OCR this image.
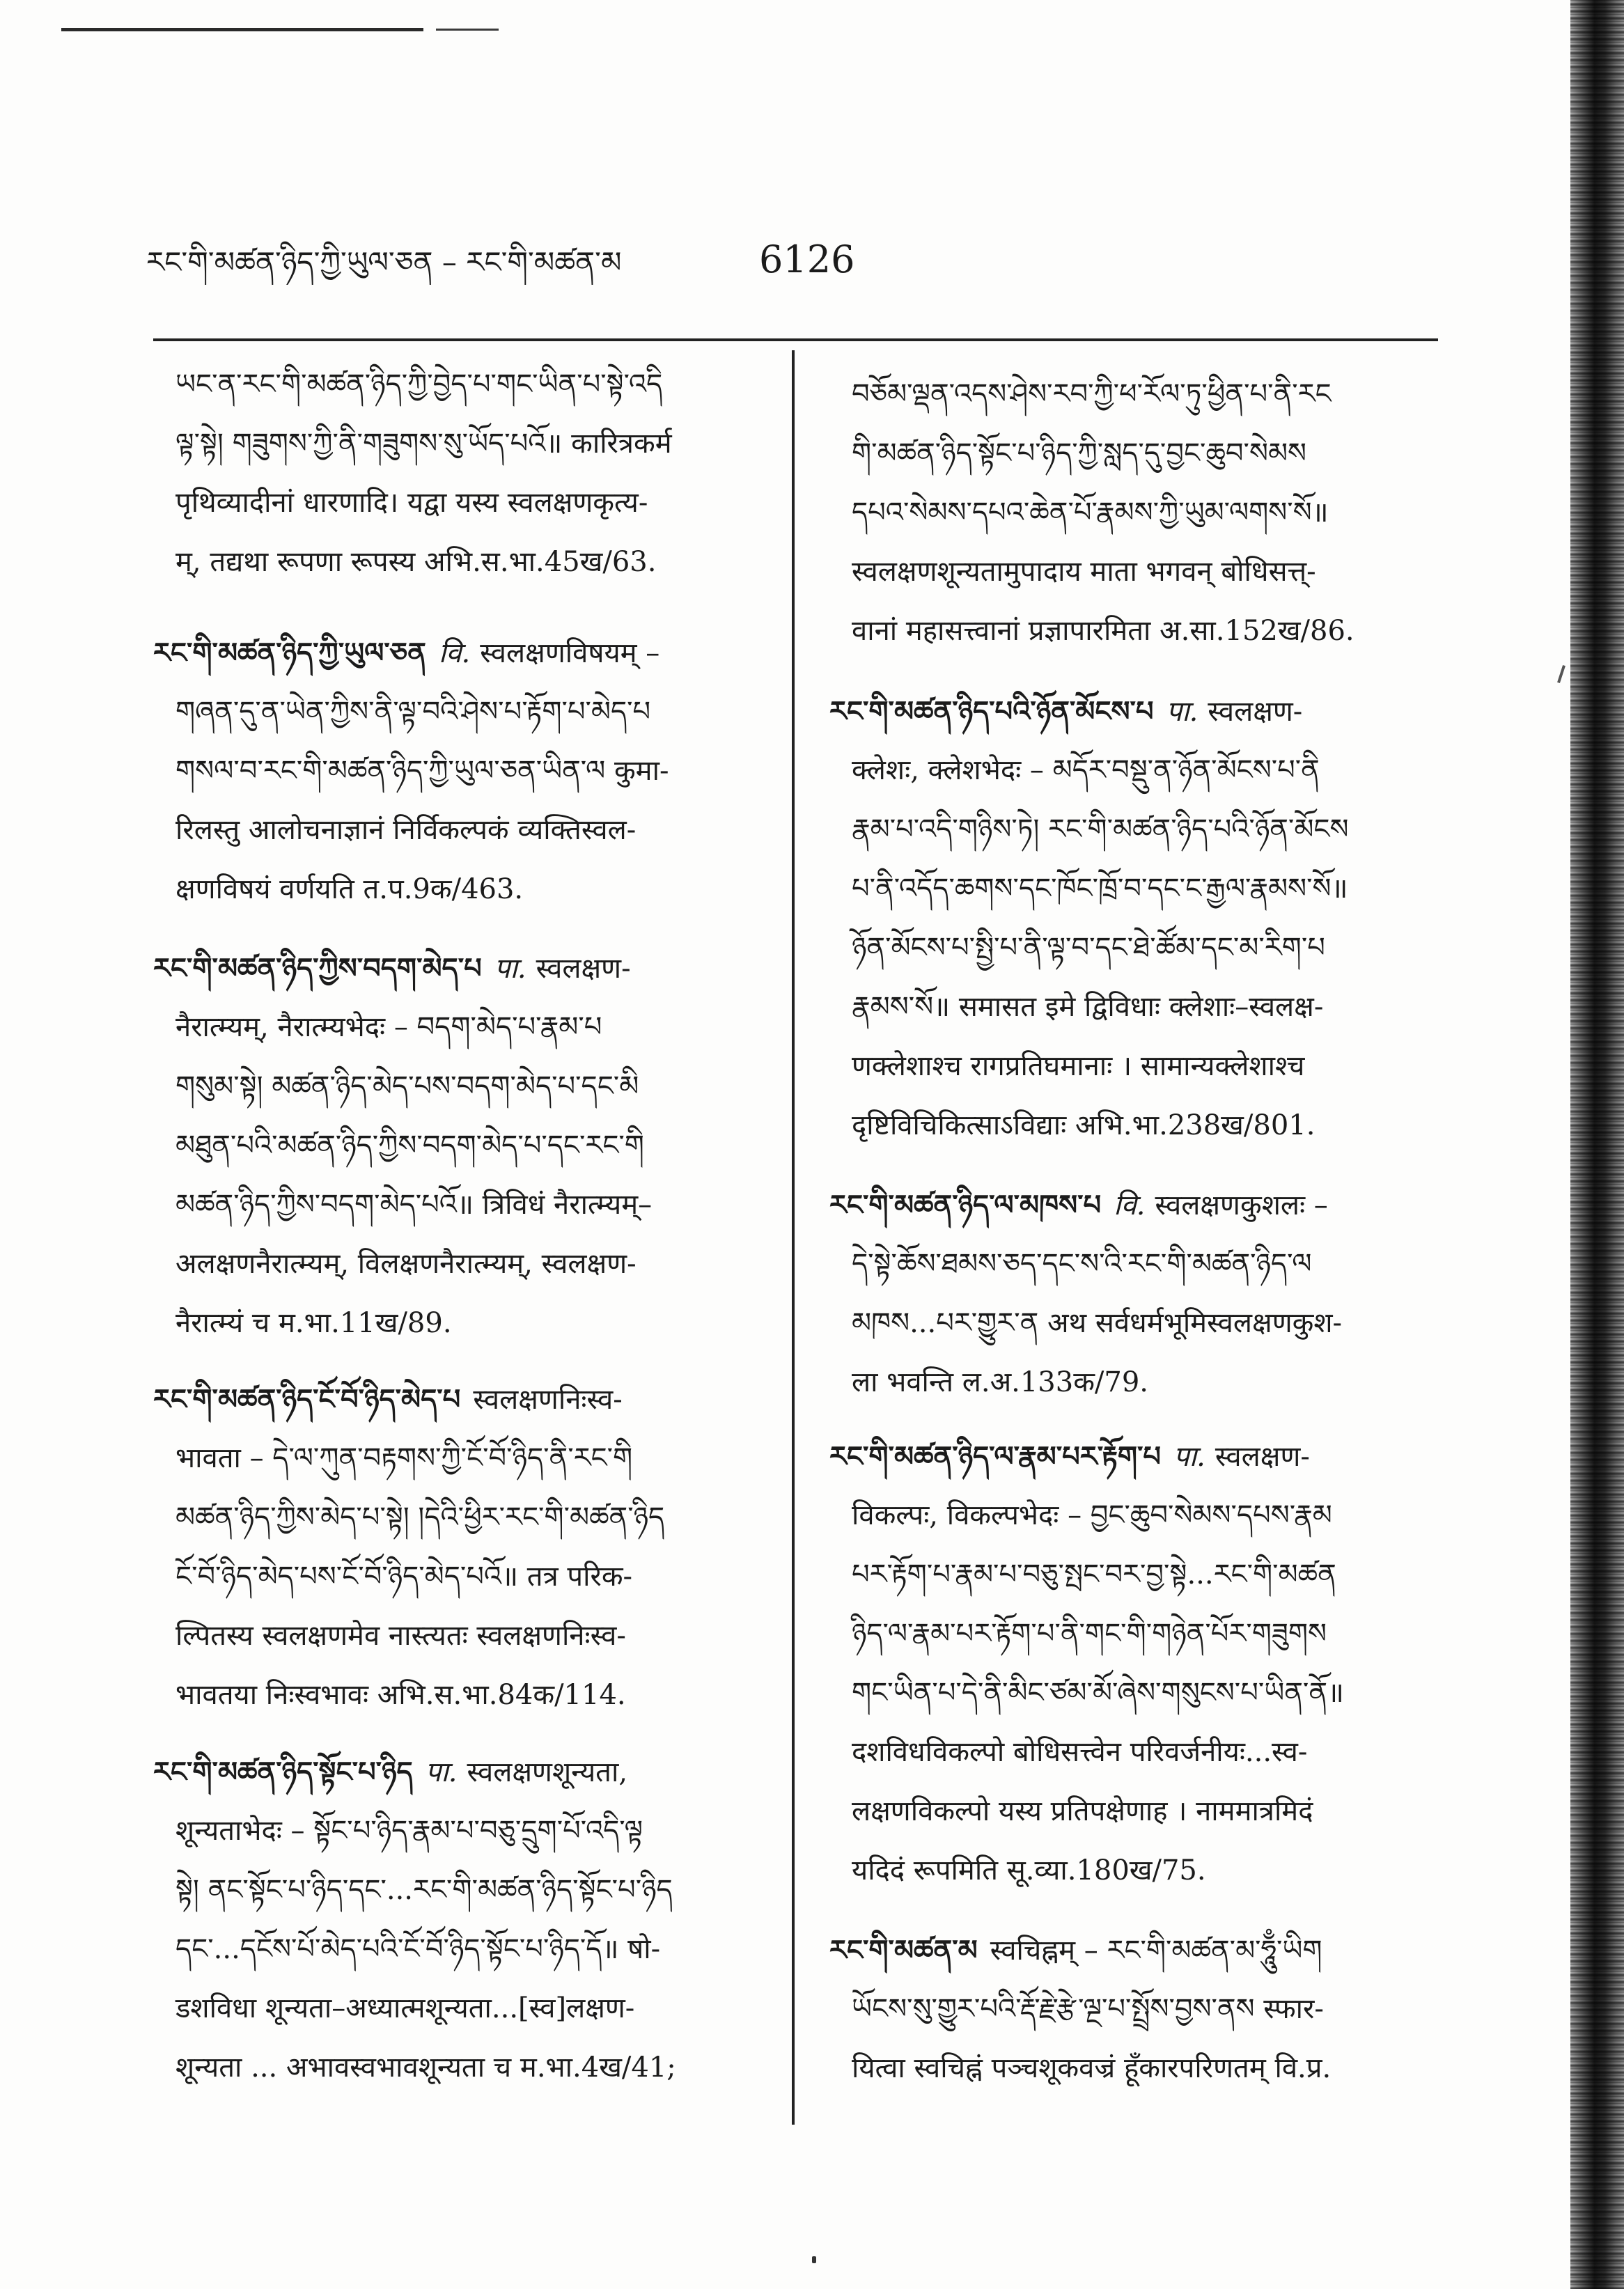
རང་གི་མཚན་ཉིད་ཀྱི་ཡུལ་ཅན – རང་གི་མཚན་མ	6126
ཡང་ན་རང་གི་མཚན་ཉིད་ཀྱི་བྱེད་པ་གང་ཡིན་པ་སྟེ་འདི
ལྟ་སྟེ། གཟུགས་ཀྱི་ནི་གཟུགས་སུ་ཡོད་པའོ॥ कारित्रकर्म
पृथिव्यादीनां धारणादि। यद्वा यस्य स्वलक्षणकृत्य-
म्, तद्यथा रूपणा रूपस्य अभि.स.भा.45ख/63.
རང་གི་མཚན་ཉིད་ཀྱི་ཡུལ་ཅན वि. स्वलक्षणविषयम् –
གཞན་དུ་ན་ཡེན་ཀྱིས་ནི་ལྟ་བའི་ཤེས་པ་རྟོག་པ་མེད་པ
གསལ་བ་རང་གི་མཚན་ཉིད་ཀྱི་ཡུལ་ཅན་ཡིན་ལ कुमा-
रिलस्तु आलोचनाज्ञानं निर्विकल्पकं व्यक्तिस्वल-
क्षणविषयं वर्णयति त.प.9क/463.
རང་གི་མཚན་ཉིད་ཀྱིས་བདག་མེད་པ पा. स्वलक्षण-
नैरात्म्यम्, नैरात्म्यभेदः – བདག་མེད་པ་རྣམ་པ
གསུམ་སྟེ། མཚན་ཉིད་མེད་པས་བདག་མེད་པ་དང་མི
མཐུན་པའི་མཚན་ཉིད་ཀྱིས་བདག་མེད་པ་དང་རང་གི
མཚན་ཉིད་ཀྱིས་བདག་མེད་པའོ॥ त्रिविधं नैरात्म्यम्–
अलक्षणनैरात्म्यम्, विलक्षणनैरात्म्यम्, स्वलक्षण-
नैरात्म्यं च म.भा.11ख/89.
རང་གི་མཚན་ཉིད་ངོ་བོ་ཉིད་མེད་པ स्वलक्षणनिःस्व-
भावता – དེ་ལ་ཀུན་བརྟགས་ཀྱི་ངོ་བོ་ཉིད་ནི་རང་གི
མཚན་ཉིད་ཀྱིས་མེད་པ་སྟེ། །དེའི་ཕྱིར་རང་གི་མཚན་ཉིད
ངོ་བོ་ཉིད་མེད་པས་ངོ་བོ་ཉིད་མེད་པའོ॥ तत्र परिक-
ल्पितस्य स्वलक्षणमेव नास्त्यतः स्वलक्षणनिःस्व-
भावतया निःस्वभावः अभि.स.भा.84क/114.
རང་གི་མཚན་ཉིད་སྟོང་པ་ཉིད पा. स्वलक्षणशून्यता,
शून्यताभेदः – སྟོང་པ་ཉིད་རྣམ་པ་བཅུ་དྲུག་པོ་འདི་ལྟ
སྟེ། ནང་སྟོང་པ་ཉིད་དང་...རང་གི་མཚན་ཉིད་སྟོང་པ་ཉིད
དང་...དངོས་པོ་མེད་པའི་ངོ་བོ་ཉིད་སྟོང་པ་ཉིད་དོ॥ षो-
डशविधा शून्यता–अध्यात्मशून्यता...[स्व]लक्षण-
शून्यता ... अभावस्वभावशून्यता च म.भा.4ख/41;
བཅོམ་ལྡན་འདས་ཤེས་རབ་ཀྱི་ཕ་རོལ་ཏུ་ཕྱིན་པ་ནི་རང
གི་མཚན་ཉིད་སྟོང་པ་ཉིད་ཀྱི་སླད་དུ་བྱང་ཆུབ་སེམས
དཔའ་སེམས་དཔའ་ཆེན་པོ་རྣམས་ཀྱི་ཡུམ་ལགས་སོ॥
स्वलक्षणशून्यतामुपादाय माता भगवन् बोधिसत्त्-
वानां महासत्त्वानां प्रज्ञापारमिता अ.सा.152ख/86.
རང་གི་མཚན་ཉིད་པའི་ཉོན་མོངས་པ पा. स्वलक्षण-
क्लेशः, क्लेशभेदः – མདོར་བསྡུ་ན་ཉོན་མོངས་པ་ནི
རྣམ་པ་འདི་གཉིས་ཏེ། རང་གི་མཚན་ཉིད་པའི་ཉོན་མོངས
པ་ནི་འདོད་ཆགས་དང་ཁོང་ཁྲོ་བ་དང་ང་རྒྱལ་རྣམས་སོ॥
ཉོན་མོངས་པ་སྤྱི་པ་ནི་ལྟ་བ་དང་ཐེ་ཚོམ་དང་མ་རིག་པ
རྣམས་སོ॥ समासत इमे द्विविधाः क्लेशाः–स्वलक्ष-
णक्लेशाश्च रागप्रतिघमानाः । सामान्यक्लेशाश्च
दृष्टिविचिकित्साऽविद्याः अभि.भा.238ख/801.
རང་གི་མཚན་ཉིད་ལ་མཁས་པ वि. स्वलक्षणकुशलः –
དེ་སྟེ་ཆོས་ཐམས་ཅད་དང་ས་འི་རང་གི་མཚན་ཉིད་ལ
མཁས...པར་གྱུར་ན अथ सर्वधर्मभूमिस्वलक्षणकुश-
ला भवन्ति ल.अ.133क/79.
རང་གི་མཚན་ཉིད་ལ་རྣམ་པར་རྟོག་པ पा. स्वलक्षण-
विकल्पः, विकल्पभेदः – བྱང་ཆུབ་སེམས་དཔས་རྣམ
པར་རྟོག་པ་རྣམ་པ་བཅུ་སྤང་བར་བྱ་སྟེ...རང་གི་མཚན
ཉིད་ལ་རྣམ་པར་རྟོག་པ་ནི་གང་གི་གཉེན་པོར་གཟུགས
གང་ཡིན་པ་དེ་ནི་མིང་ཙམ་མོ་ཞེས་གསུངས་པ་ཡིན་ནོ॥
दशविधविकल्पो बोधिसत्त्वेन परिवर्जनीयः...स्व-
लक्षणविकल्पो यस्य प्रतिपक्षेणाह । नाममात्रमिदं
यदिदं रूपमिति सू.व्या.180ख/75.
རང་གི་མཚན་མ स्वचिह्नम् – རང་གི་མཚན་མ་ཧཱུྃ་ཡིག
ཡོངས་སུ་གྱུར་པའི་རྡོ་རྗེ་རྩེ་ལྔ་པ་སྤྲོས་བྱས་ནས स्फार-
यित्वा स्वचिह्नं पञ्चशूकवज्रं हूँकारपरिणतम् वि.प्र.
